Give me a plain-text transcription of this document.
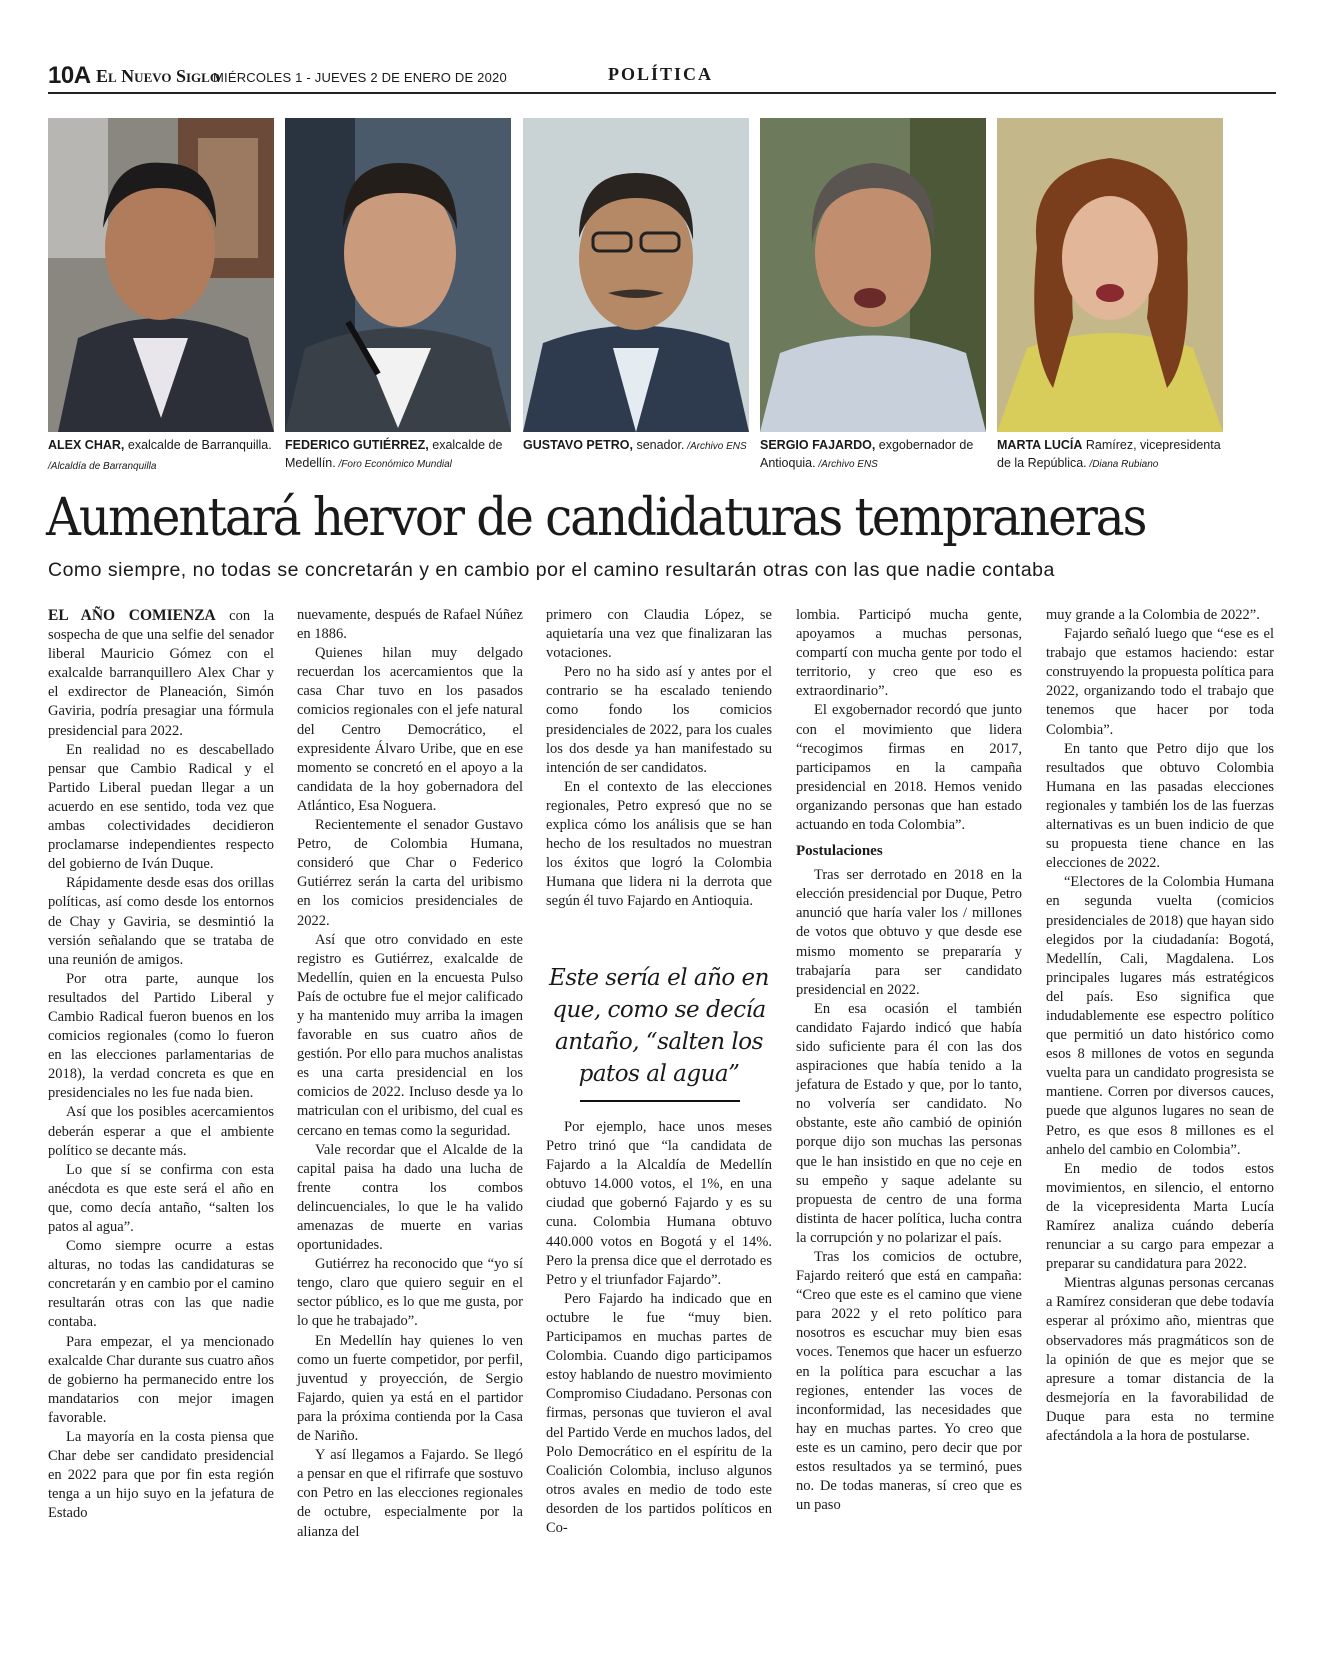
10A El Nuevo Siglo
MIÉRCOLES 1 - JUEVES 2 DE ENERO DE 2020	POLÍTICA
ALEX CHAR, exalcalde de Barranquilla. /Alcaldía de Barranquilla
FEDERICO GUTIÉRREZ, exalcalde de Medellín. /Foro Económico Mundial
GUSTAVO PETRO, senador. /Archivo ENS	SERGIO FAJARDO, exgobernador de Antioquia. /Archivo ENS
MARTA LUCÍA Ramírez, vicepresidenta de la República. /Diana Rubiano
Aumentará hervor de candidaturas tempraneras

Como siempre, no todas se concretarán y en cambio por el camino resultarán otras con las que nadie contaba

EL AÑO COMIENZA con la sospecha de que una selfie del senador liberal Mauricio Gómez con el exalcalde barranquillero Alex Char y el exdirector de Planeación, Simón Gaviria, podría presagiar una fórmula presidencial para 2022.

En realidad no es descabellado pensar que Cambio Radical y el Partido Liberal puedan llegar a un acuerdo en ese sentido, toda vez que ambas colectividades decidieron proclamarse independientes respecto del gobierno de Iván Duque.

Rápidamente desde esas dos orillas políticas, así como desde los entornos de Chay y Gaviria, se desmintió la versión señalando que se trataba de una reunión de amigos.

Por otra parte, aunque los resultados del Partido Liberal y Cambio Radical fueron buenos en los comicios regionales (como lo fueron en las elecciones parlamentarias de 2018), la verdad concreta es que en presidenciales no les fue nada bien.

Así que los posibles acercamientos deberán esperar a que el ambiente político se decante más.

Lo que sí se confirma con esta anécdota es que este será el año en que, como decía antaño, “salten los patos al agua”.

Como siempre ocurre a estas alturas, no todas las candidaturas se concretarán y en cambio por el camino resultarán otras con las que nadie contaba.

Para empezar, el ya mencionado exalcalde Char durante sus cuatro años de gobierno ha permanecido entre los mandatarios con mejor imagen favorable.

La mayoría en la costa piensa que Char debe ser candidato presidencial en 2022 para que por fin esta región tenga a un hijo suyo en la jefatura de Estado

nuevamente, después de Rafael Núñez en 1886.

Quienes hilan muy delgado recuerdan los acercamientos que la casa Char tuvo en los pasados comicios regionales con el jefe natural del Centro Democrático, el expresidente Álvaro Uribe, que en ese momento se concretó en el apoyo a la candidata de la hoy gobernadora del Atlántico, Esa Noguera.

Recientemente el senador Gustavo Petro, de Colombia Humana, consideró que Char o Federico Gutiérrez serán la carta del uribismo en los comicios presidenciales de 2022.

Así que otro convidado en este registro es Gutiérrez, exalcalde de Medellín, quien en la encuesta Pulso País de octubre fue el mejor calificado y ha mantenido muy arriba la imagen favorable en sus cuatro años de gestión. Por ello para muchos analistas es una carta presidencial en los comicios de 2022. Incluso desde ya lo matriculan con el uribismo, del cual es cercano en temas como la seguridad.

Vale recordar que el Alcalde de la capital paisa ha dado una lucha de frente contra los combos delincuenciales, lo que le ha valido amenazas de muerte en varias oportunidades.

Gutiérrez ha reconocido que “yo sí tengo, claro que quiero seguir en el sector público, es lo que me gusta, por lo que he trabajado”.

En Medellín hay quienes lo ven como un fuerte competidor, por perfil, juventud y proyección, de Sergio Fajardo, quien ya está en el partidor para la próxima contienda por la Casa de Nariño.

Y así llegamos a Fajardo. Se llegó a pensar en que el rifirrafe que sostuvo con Petro en las elecciones regionales de octubre, especialmente por la alianza del

primero con Claudia López, se aquietaría una vez que finalizaran las votaciones.

Pero no ha sido así y antes por el contrario se ha escalado teniendo como fondo los comicios presidenciales de 2022, para los cuales los dos desde ya han manifestado su intención de ser candidatos.

En el contexto de las elecciones regionales, Petro expresó que no se explica cómo los análisis que se han hecho de los resultados no muestran los éxitos que logró la Colombia Humana que lidera ni la derrota que según él tuvo Fajardo en Antioquia.

Este sería el año en que, como se decía antaño, “salten los patos al agua”

Por ejemplo, hace unos meses Petro trinó que “la candidata de Fajardo a la Alcaldía de Medellín obtuvo 14.000 votos, el 1%, en una ciudad que gobernó Fajardo y es su cuna. Colombia Humana obtuvo 440.000 votos en Bogotá y el 14%. Pero la prensa dice que el derrotado es Petro y el triunfador Fajardo”.

Pero Fajardo ha indicado que en octubre le fue “muy bien. Participamos en muchas partes de Colombia. Cuando digo participamos estoy hablando de nuestro movimiento Compromiso Ciudadano. Personas con firmas, personas que tuvieron el aval del Partido Verde en muchos lados, del Polo Democrático en el espíritu de la Coalición Colombia, incluso algunos otros avales en medio de todo este desorden de los partidos políticos en Co-

lombia. Participó mucha gente, apoyamos a muchas personas, compartí con mucha gente por todo el territorio, y creo que eso es extraordinario”.

El exgobernador recordó que junto con el movimiento que lidera “recogimos firmas en 2017, participamos en la campaña presidencial en 2018. Hemos venido organizando personas que han estado actuando en toda Colombia”.

Postulaciones

Tras ser derrotado en 2018 en la elección presidencial por Duque, Petro anunció que haría valer los / millones de votos que obtuvo y que desde ese mismo momento se prepararía y trabajaría para ser candidato presidencial en 2022.

En esa ocasión el también candidato Fajardo indicó que había sido suficiente para él con las dos aspiraciones que había tenido a la jefatura de Estado y que, por lo tanto, no volvería ser candidato. No obstante, este año cambió de opinión porque dijo son muchas las personas que le han insistido en que no ceje en su empeño y saque adelante su propuesta de centro de una forma distinta de hacer política, lucha contra la corrupción y no polarizar el país.

Tras los comicios de octubre, Fajardo reiteró que está en campaña: “Creo que este es el camino que viene para 2022 y el reto político para nosotros es escuchar muy bien esas voces. Tenemos que hacer un esfuerzo en la política para escuchar a las regiones, entender las voces de inconformidad, las necesidades que hay en muchas partes. Yo creo que este es un camino, pero decir que por estos resultados ya se terminó, pues no. De todas maneras, sí creo que es un paso

muy grande a la Colombia de 2022”.

Fajardo señaló luego que “ese es el trabajo que estamos haciendo: estar construyendo la propuesta política para 2022, organizando todo el trabajo que tenemos que hacer por toda Colombia”.

En tanto que Petro dijo que los resultados que obtuvo Colombia Humana en las pasadas elecciones regionales y también los de las fuerzas alternativas es un buen indicio de que su propuesta tiene chance en las elecciones de 2022.

“Electores de la Colombia Humana en segunda vuelta (comicios presidenciales de 2018) que hayan sido elegidos por la ciudadanía: Bogotá, Medellín, Cali, Magdalena. Los principales lugares más estratégicos del país. Eso significa que indudablemente ese espectro político que permitió un dato histórico como esos 8 millones de votos en segunda vuelta para un candidato progresista se mantiene. Corren por diversos cauces, puede que algunos lugares no sean de Petro, es que esos 8 millones es el anhelo del cambio en Colombia”.

En medio de todos estos movimientos, en silencio, el entorno de la vicepresidenta Marta Lucía Ramírez analiza cuándo debería renunciar a su cargo para empezar a preparar su candidatura para 2022.

Mientras algunas personas cercanas a Ramírez consideran que debe todavía esperar al próximo año, mientras que observadores más pragmáticos son de la opinión de que es mejor que se apresure a tomar distancia de la desmejoría en la favorabilidad de Duque para esta no termine afectándola a la hora de postularse.
